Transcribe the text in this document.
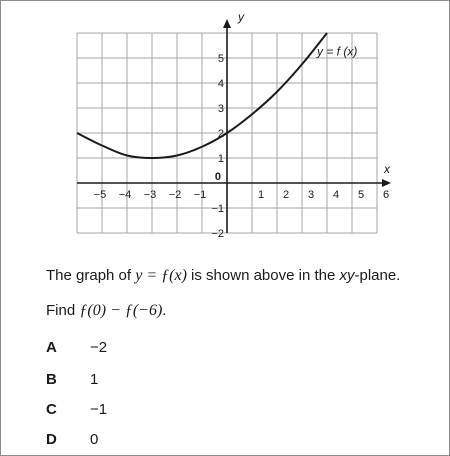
x
y
−5 −4 −3 −2 −1	1 2 3 4 5 6
−2
−1
1
2
3
4
5
0
y = f (x)
The graph of y = ƒ(x) is shown above in the xy-plane.
Find ƒ(0) − ƒ(−6).
A −2
B 1
C −1
D 0
